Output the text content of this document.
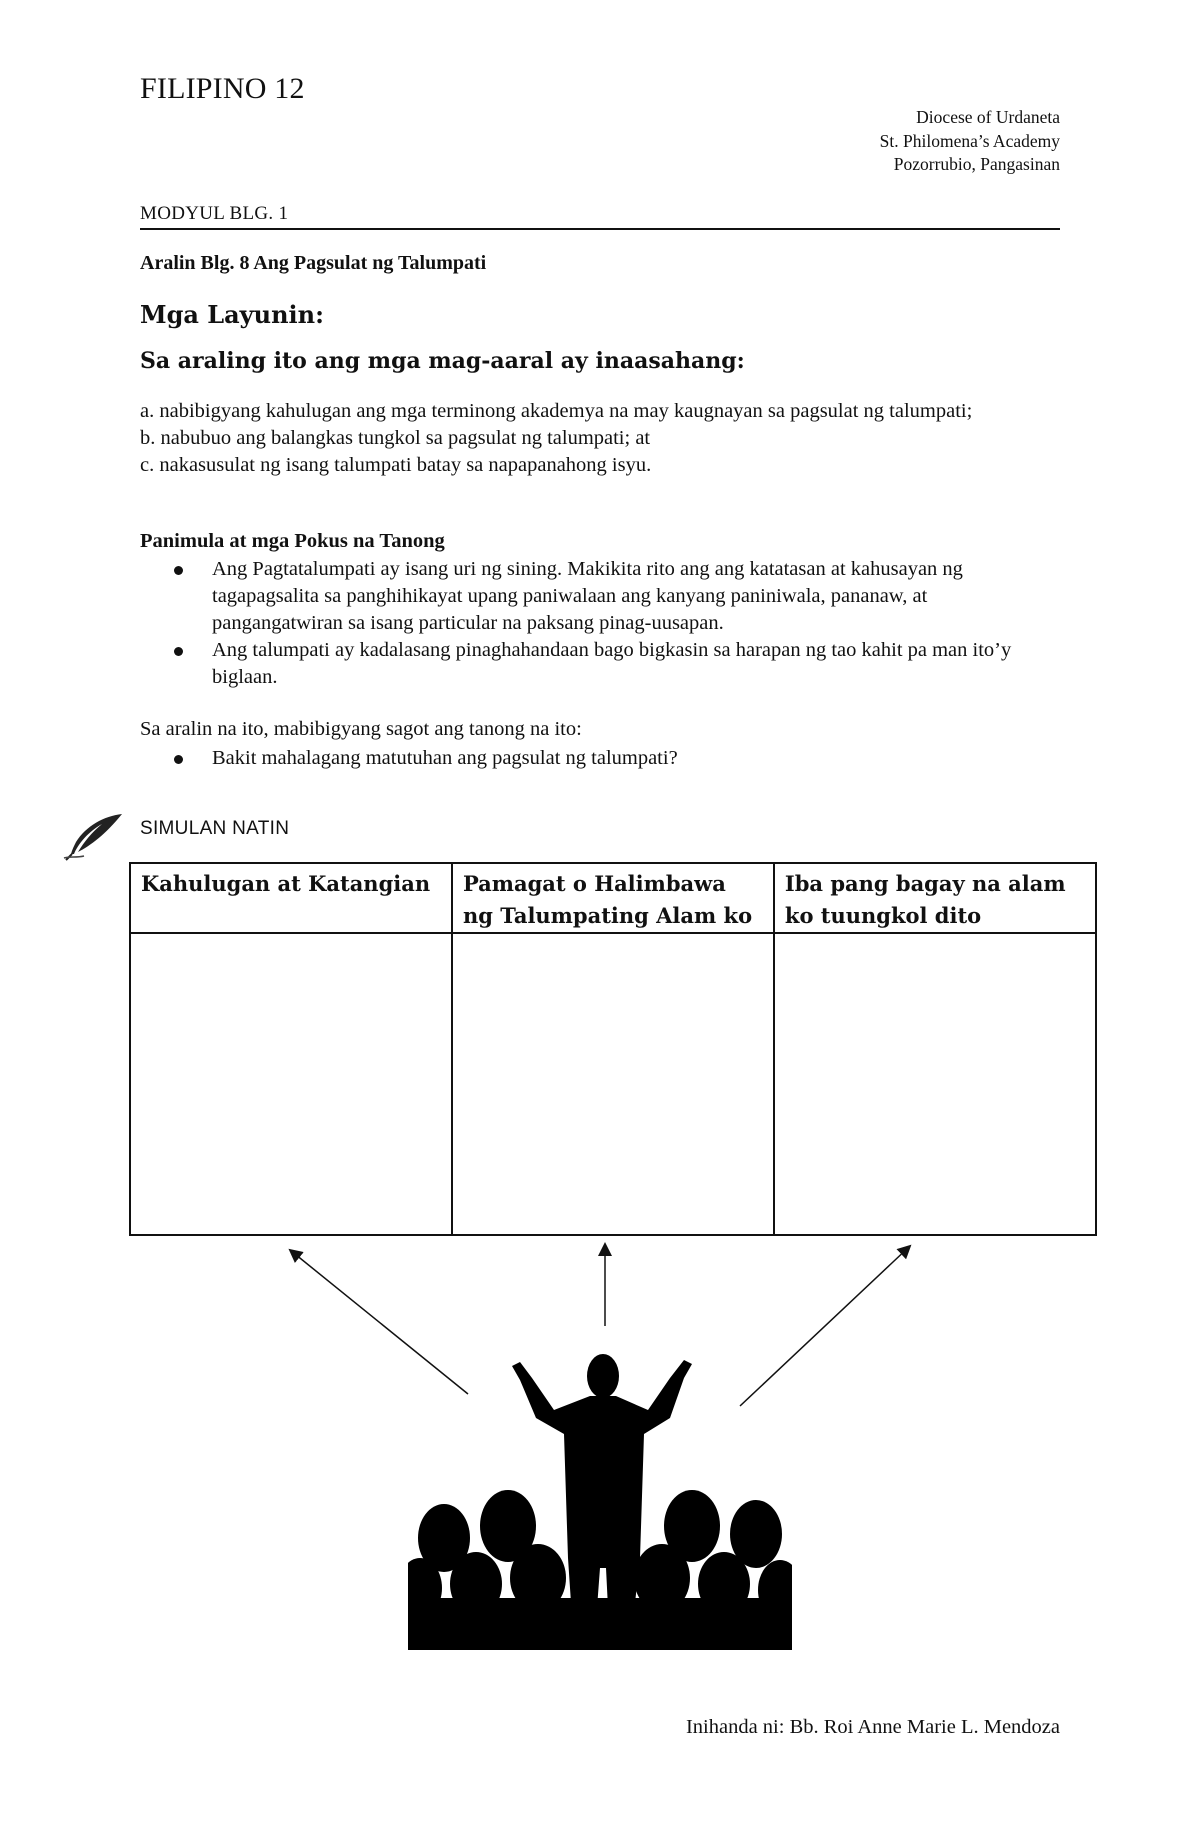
FILIPINO 12
Diocese of Urdaneta
St. Philomena’s Academy
Pozorrubio, Pangasinan
MODYUL BLG. 1
Aralin Blg. 8 Ang Pagsulat ng Talumpati
Mga Layunin:
Sa araling ito ang mga mag-aaral ay inaasahang:

a. nabibigyang kahulugan ang mga terminong akademya na may kaugnayan sa pagsulat ng talumpati;

b. nabubuo ang balangkas tungkol sa pagsulat ng talumpati; at

c. nakasusulat ng isang talumpati batay sa napapanahong isyu.

Panimula at mga Pokus na Tanong
Ang Pagtatalumpati ay isang uri ng sining. Makikita rito ang ang katatasan at kahusayan ng tagapagsalita sa panghihikayat upang paniwalaan ang kanyang paniniwala, pananaw, at pangangatwiran sa isang particular na paksang pinag-uusapan.
Ang talumpati ay kadalasang pinaghahandaan bago bigkasin sa harapan ng tao kahit pa man ito’y biglaan.
Sa aralin na ito, mabibigyang sagot ang tanong na ito:
Bakit mahalagang matutuhan ang pagsulat ng talumpati?
SIMULAN NATIN
Kahulugan at Katangian	Pamagat o Halimbawa ng Talumpating Alam ko	Iba pang bagay na alam ko tuungkol dito

Inihanda ni: Bb. Roi Anne Marie L. Mendoza
